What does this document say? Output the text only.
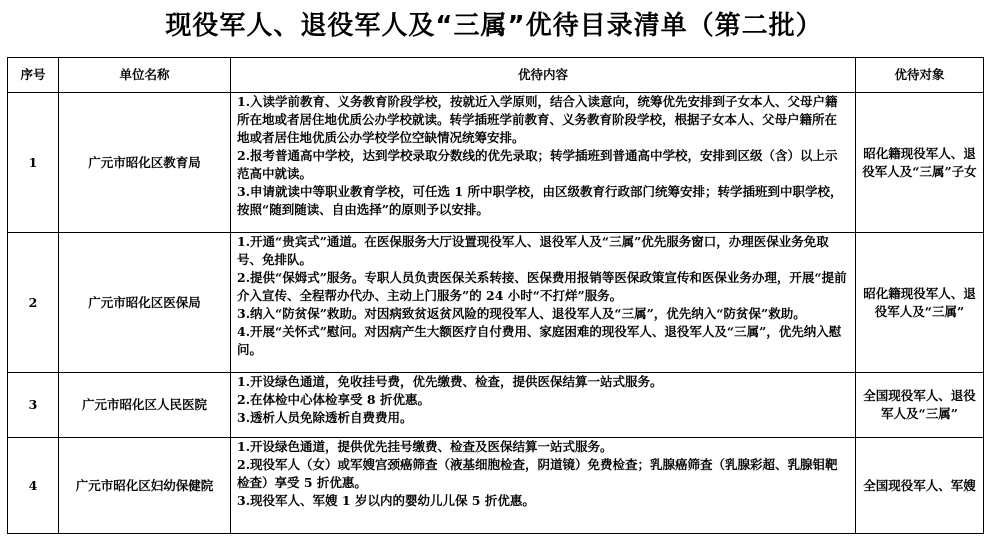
现役军人、退役军人及“三属”优待目录清单（第二批）
序号	单位名称	优待内容	优待对象
1	广元市昭化区教育局	1.入读学前教育、义务教育阶段学校，按就近入学原则，结合入读意向，统筹优先安排到子女本人、父母户籍所在地或者居住地优质公办学校就读。转学插班学前教育、义务教育阶段学校，根据子女本人、父母户籍所在地或者居住地优质公办学校学位空缺情况统筹安排。
2.报考普通高中学校，达到学校录取分数线的优先录取；转学插班到普通高中学校，安排到区级（含）以上示范高中就读。
3.申请就读中等职业教育学校，可任选 1 所中职学校，由区级教育行政部门统筹安排；转学插班到中职学校，按照“随到随读、自由选择”的原则予以安排。	昭化籍现役军人、退役军人及“三属”子女
2	广元市昭化区医保局	1.开通“贵宾式”通道。在医保服务大厅设置现役军人、退役军人及“三属”优先服务窗口，办理医保业务免取号、免排队。
2.提供“保姆式”服务。专职人员负责医保关系转接、医保费用报销等医保政策宣传和医保业务办理，开展“提前介入宣传、全程帮办代办、主动上门服务”的 24 小时“不打烊”服务。
3.纳入“防贫保”救助。对因病致贫返贫风险的现役军人、退役军人及“三属”，优先纳入“防贫保”救助。
4.开展“关怀式”慰问。对因病产生大额医疗自付费用、家庭困难的现役军人、退役军人及“三属”，优先纳入慰问。	昭化籍现役军人、退役军人及“三属”
3	广元市昭化区人民医院	1.开设绿色通道，免收挂号费，优先缴费、检查，提供医保结算一站式服务。
2.在体检中心体检享受 8 折优惠。
3.透析人员免除透析自费费用。	全国现役军人、退役军人及“三属”
4	广元市昭化区妇幼保健院	1.开设绿色通道，提供优先挂号缴费、检查及医保结算一站式服务。
2.现役军人（女）或军嫂宫颈癌筛查（液基细胞检查，阴道镜）免费检查；乳腺癌筛查（乳腺彩超、乳腺钼靶检查）享受 5 折优惠。
3.现役军人、军嫂 1 岁以内的婴幼儿儿保 5 折优惠。	全国现役军人、军嫂
